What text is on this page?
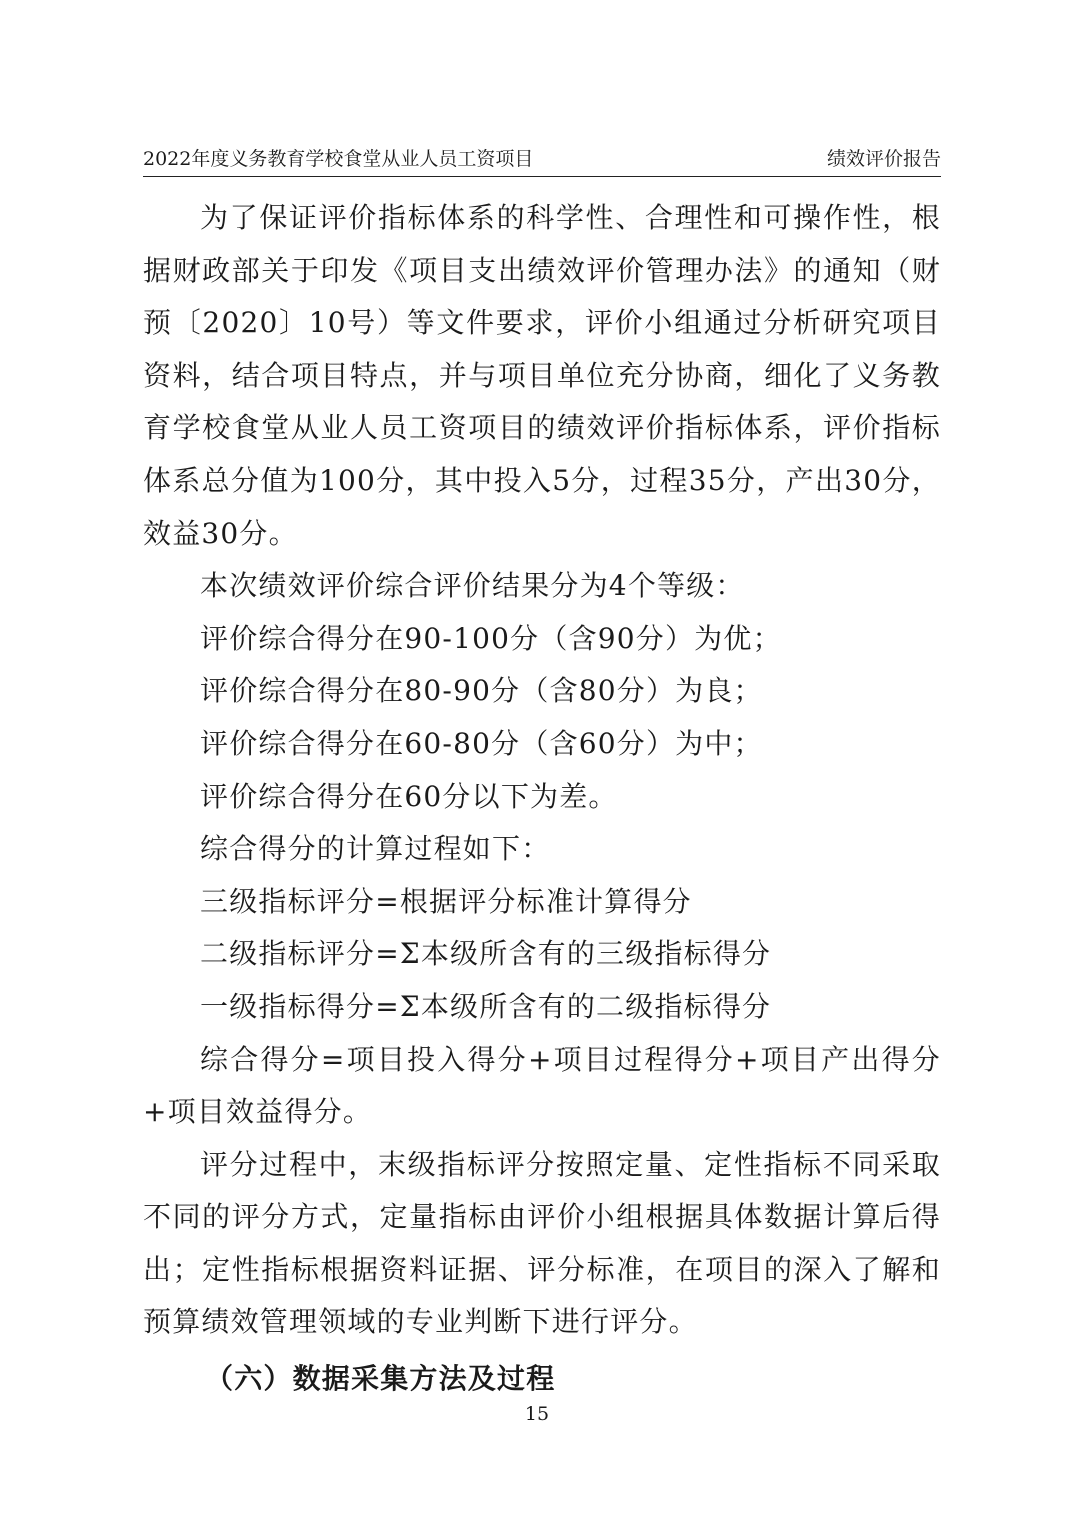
2022年度义务教育学校食堂从业人员工资项目	绩效评价报告

为了保证评价指标体系的科学性、合理性和可操作性，根据财政部关于印发《项目支出绩效评价管理办法》的通知（财预〔2020〕10号）等文件要求，评价小组通过分析研究项目资料，结合项目特点，并与项目单位充分协商，细化了义务教育学校食堂从业人员工资项目的绩效评价指标体系，评价指标体系总分值为100分，其中投入5分，过程35分，产出30分，效益30分。

本次绩效评价综合评价结果分为4个等级：

评价综合得分在90-100分（含90分）为优；

评价综合得分在80-90分（含80分）为良；

评价综合得分在60-80分（含60分）为中；

评价综合得分在60分以下为差。

综合得分的计算过程如下：

三级指标评分=根据评分标准计算得分

二级指标评分=Σ本级所含有的三级指标得分

一级指标得分=Σ本级所含有的二级指标得分

综合得分=项目投入得分+项目过程得分+项目产出得分+项目效益得分。

评分过程中，末级指标评分按照定量、定性指标不同采取不同的评分方式，定量指标由评价小组根据具体数据计算后得出；定性指标根据资料证据、评分标准，在项目的深入了解和预算绩效管理领域的专业判断下进行评分。

（六）数据采集方法及过程

15
